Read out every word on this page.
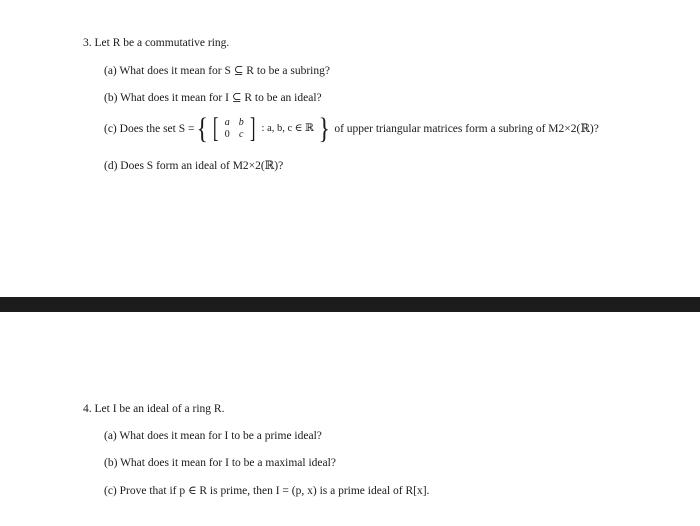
3. Let R be a commutative ring.
(a) What does it mean for S ⊆ R to be a subring?
(b) What does it mean for I ⊆ R to be an ideal?
(c) Does the set S = { [ a b
0 c ] : a, b, c ∈ ℝ } of upper triangular matrices form a subring of M2×2(ℝ)?
(d) Does S form an ideal of M2×2(ℝ)?
4. Let I be an ideal of a ring R.
(a) What does it mean for I to be a prime ideal?
(b) What does it mean for I to be a maximal ideal?
(c) Prove that if p ∈ R is prime, then I = (p, x) is a prime ideal of R[x].
